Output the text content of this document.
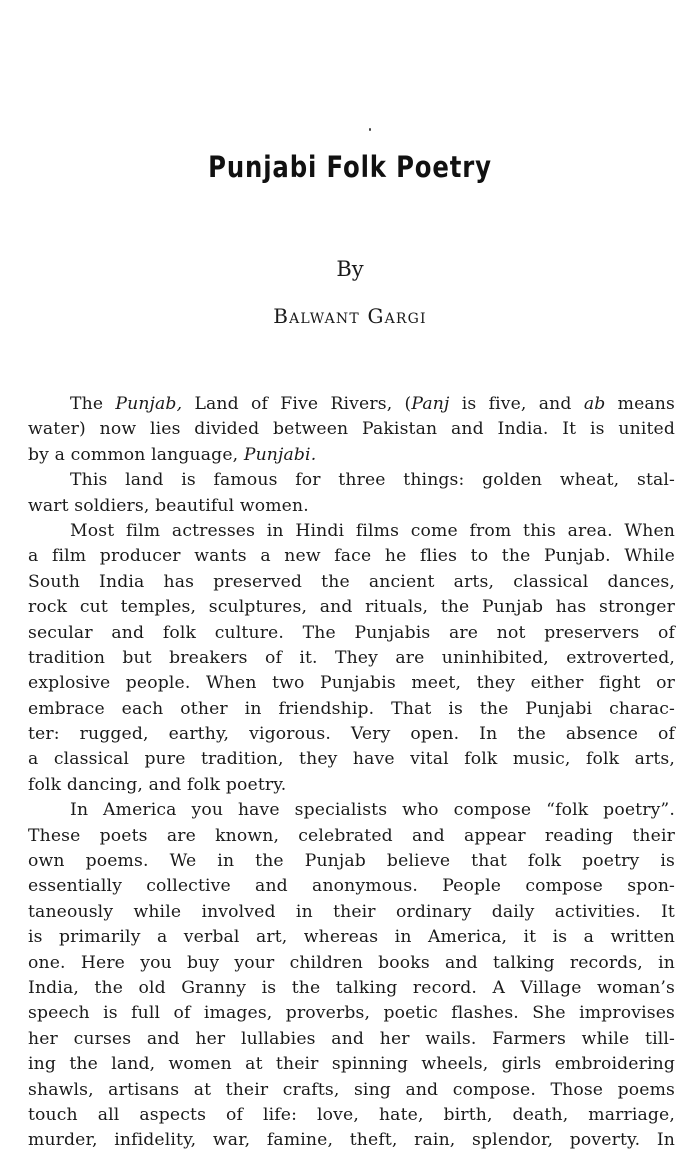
Punjabi Folk Poetry

By

Balwant Gargi

The Punjab, Land of Five Rivers, (Panj is five, and ab means
water) now lies divided between Pakistan and India. It is united
by a common language, Punjabi.
This land is famous for three things: golden wheat, stal-
wart soldiers, beautiful women.
Most film actresses in Hindi films come from this area. When
a film producer wants a new face he flies to the Punjab. While
South India has preserved the ancient arts, classical dances,
rock cut temples, sculptures, and rituals, the Punjab has stronger
secular and folk culture. The Punjabis are not preservers of
tradition but breakers of it. They are uninhibited, extroverted,
explosive people. When two Punjabis meet, they either fight or
embrace each other in friendship. That is the Punjabi charac-
ter: rugged, earthy, vigorous. Very open. In the absence of
a classical pure tradition, they have vital folk music, folk arts,
folk dancing, and folk poetry.
In America you have specialists who compose “folk poetry”.
These poets are known, celebrated and appear reading their
own poems. We in the Punjab believe that folk poetry is
essentially collective and anonymous. People compose spon-
taneously while involved in their ordinary daily activities. It
is primarily a verbal art, whereas in America, it is a written
one. Here you buy your children books and talking records, in
India, the old Granny is the talking record. A Village woman’s
speech is full of images, proverbs, poetic flashes. She improvises
her curses and her lullabies and her wails. Farmers while till-
ing the land, women at their spinning wheels, girls embroidering
shawls, artisans at their crafts, sing and compose. Those poems
touch all aspects of life: love, hate, birth, death, marriage,
murder, infidelity, war, famine, theft, rain, splendor, poverty. In
